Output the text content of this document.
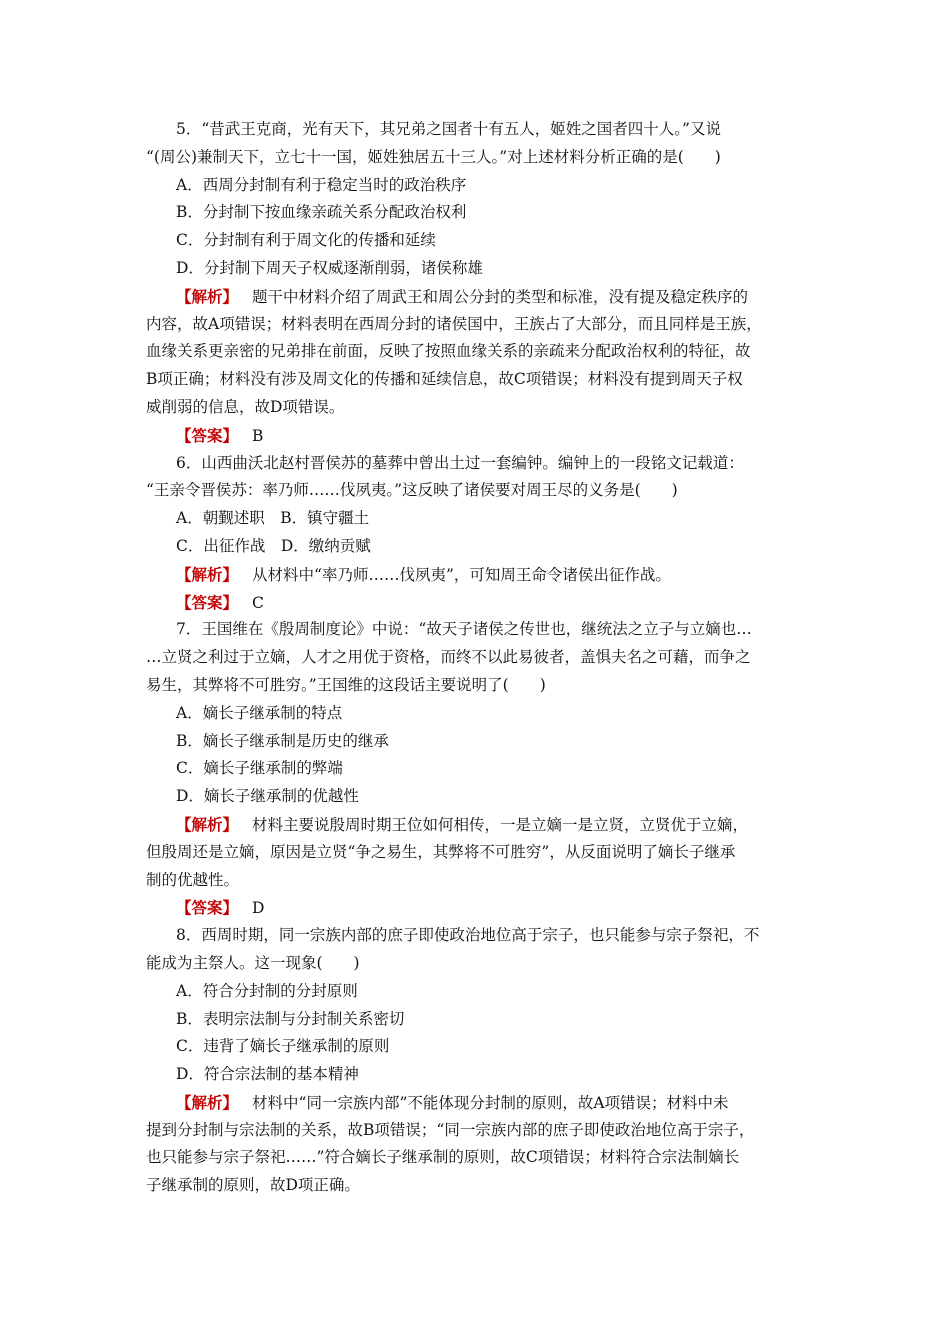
5．“昔武王克商，光有天下，其兄弟之国者十有五人，姬姓之国者四十人。”又说
“(周公)兼制天下，立七十一国，姬姓独居五十三人。”对上述材料分析正确的是(　　)
A．西周分封制有利于稳定当时的政治秩序
B．分封制下按血缘亲疏关系分配政治权利
C．分封制有利于周文化的传播和延续
D．分封制下周天子权威逐渐削弱，诸侯称雄
【解析】 题干中材料介绍了周武王和周公分封的类型和标准，没有提及稳定秩序的
内容，故A项错误；材料表明在西周分封的诸侯国中，王族占了大部分，而且同样是王族，
血缘关系更亲密的兄弟排在前面，反映了按照血缘关系的亲疏来分配政治权利的特征，故
B项正确；材料没有涉及周文化的传播和延续信息，故C项错误；材料没有提到周天子权
威削弱的信息，故D项错误。
【答案】 B
6．山西曲沃北赵村晋侯苏的墓葬中曾出土过一套编钟。编钟上的一段铭文记载道：
“王亲令晋侯苏：率乃师……伐夙夷。”这反映了诸侯要对周王尽的义务是(　　)
A．朝觐述职　B．镇守疆土
C．出征作战　D．缴纳贡赋
【解析】 从材料中“率乃师……伐夙夷”，可知周王命令诸侯出征作战。
【答案】 C
7．王国维在《殷周制度论》中说：“故天子诸侯之传世也，继统法之立子与立嫡也…
…立贤之利过于立嫡，人才之用优于资格，而终不以此易彼者，盖惧夫名之可藉，而争之
易生，其弊将不可胜穷。”王国维的这段话主要说明了(　　)
A．嫡长子继承制的特点
B．嫡长子继承制是历史的继承
C．嫡长子继承制的弊端
D．嫡长子继承制的优越性
【解析】 材料主要说殷周时期王位如何相传，一是立嫡一是立贤，立贤优于立嫡，
但殷周还是立嫡，原因是立贤“争之易生，其弊将不可胜穷”，从反面说明了嫡长子继承
制的优越性。
【答案】 D
8．西周时期，同一宗族内部的庶子即使政治地位高于宗子，也只能参与宗子祭祀，不
能成为主祭人。这一现象(　　)
A．符合分封制的分封原则
B．表明宗法制与分封制关系密切
C．违背了嫡长子继承制的原则
D．符合宗法制的基本精神
【解析】 材料中“同一宗族内部”不能体现分封制的原则，故A项错误；材料中未
提到分封制与宗法制的关系，故B项错误；“同一宗族内部的庶子即使政治地位高于宗子，
也只能参与宗子祭祀……”符合嫡长子继承制的原则，故C项错误；材料符合宗法制嫡长
子继承制的原则，故D项正确。
